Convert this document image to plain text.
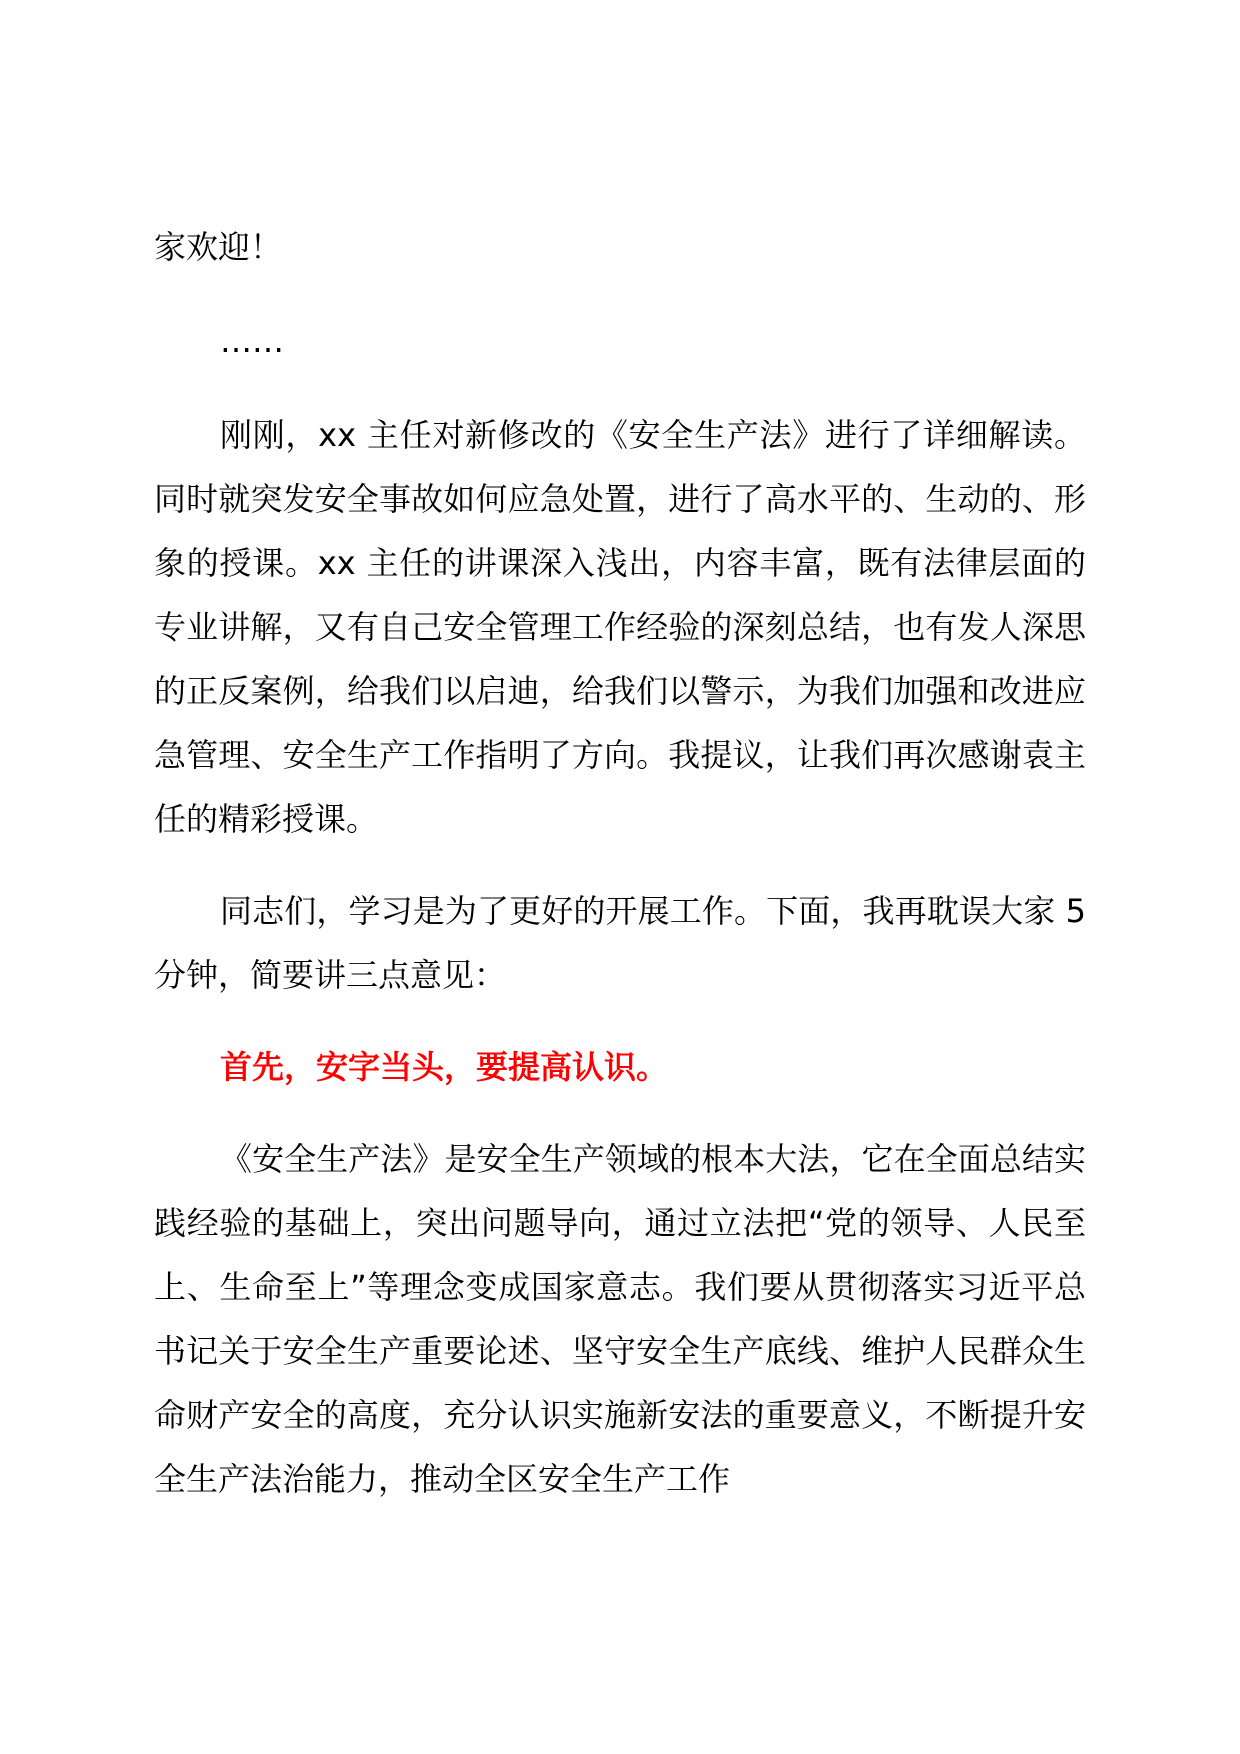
家欢迎！

……

刚刚，xx 主任对新修改的《安全生产法》进行了详细解读。同时就突发安全事故如何应急处置，进行了高水平的、生动的、形象的授课。xx 主任的讲课深入浅出，内容丰富，既有法律层面的专业讲解，又有自己安全管理工作经验的深刻总结，也有发人深思的正反案例，给我们以启迪，给我们以警示，为我们加强和改进应急管理、安全生产工作指明了方向。我提议，让我们再次感谢袁主任的精彩授课。

同志们，学习是为了更好的开展工作。下面，我再耽误大家 5 分钟，简要讲三点意见：

首先，安字当头，要提高认识。

《安全生产法》是安全生产领域的根本大法，它在全面总结实践经验的基础上，突出问题导向，通过立法把“党的领导、人民至上、生命至上”等理念变成国家意志。我们要从贯彻落实习近平总书记关于安全生产重要论述、坚守安全生产底线、维护人民群众生命财产安全的高度，充分认识实施新安法的重要意义，不断提升安全生产法治能力，推动全区安全生产工作
